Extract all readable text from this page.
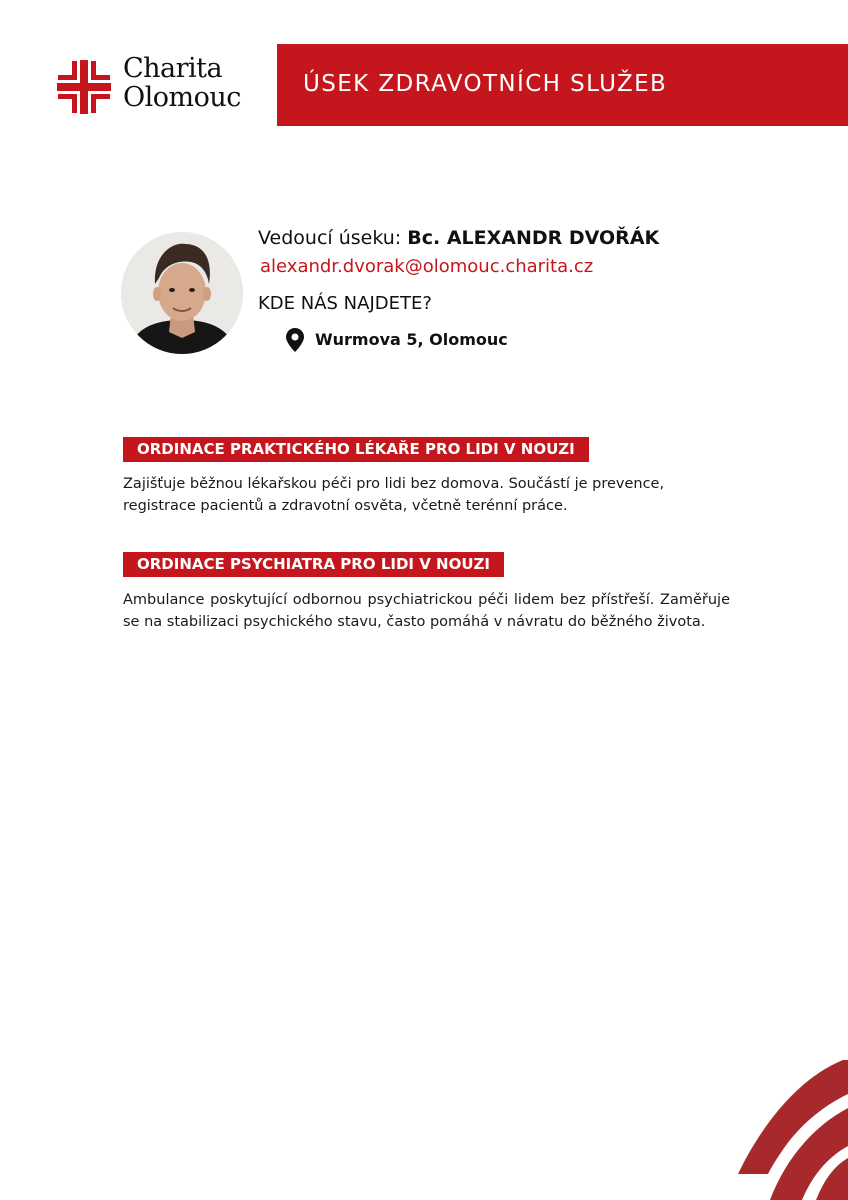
Charita
Olomouc	ÚSEK ZDRAVOTNÍCH SLUŽEB
Vedoucí úseku: Bc. ALEXANDR DVOŘÁK
alexandr.dvorak@olomouc.charita.cz
KDE NÁS NAJDETE?
Wurmova 5, Olomouc
ORDINACE PRAKTICKÉHO LÉKAŘE PRO LIDI V NOUZI
Zajišťuje běžnou lékařskou péči pro lidi bez domova. Součástí je prevence, registrace pacientů a zdravotní osvěta, včetně terénní práce.
ORDINACE PSYCHIATRA PRO LIDI V NOUZI
Ambulance poskytující odbornou psychiatrickou péči lidem bez přístřeší. Zaměřuje se na stabilizaci psychického stavu, často pomáhá v návratu do běžného života.
